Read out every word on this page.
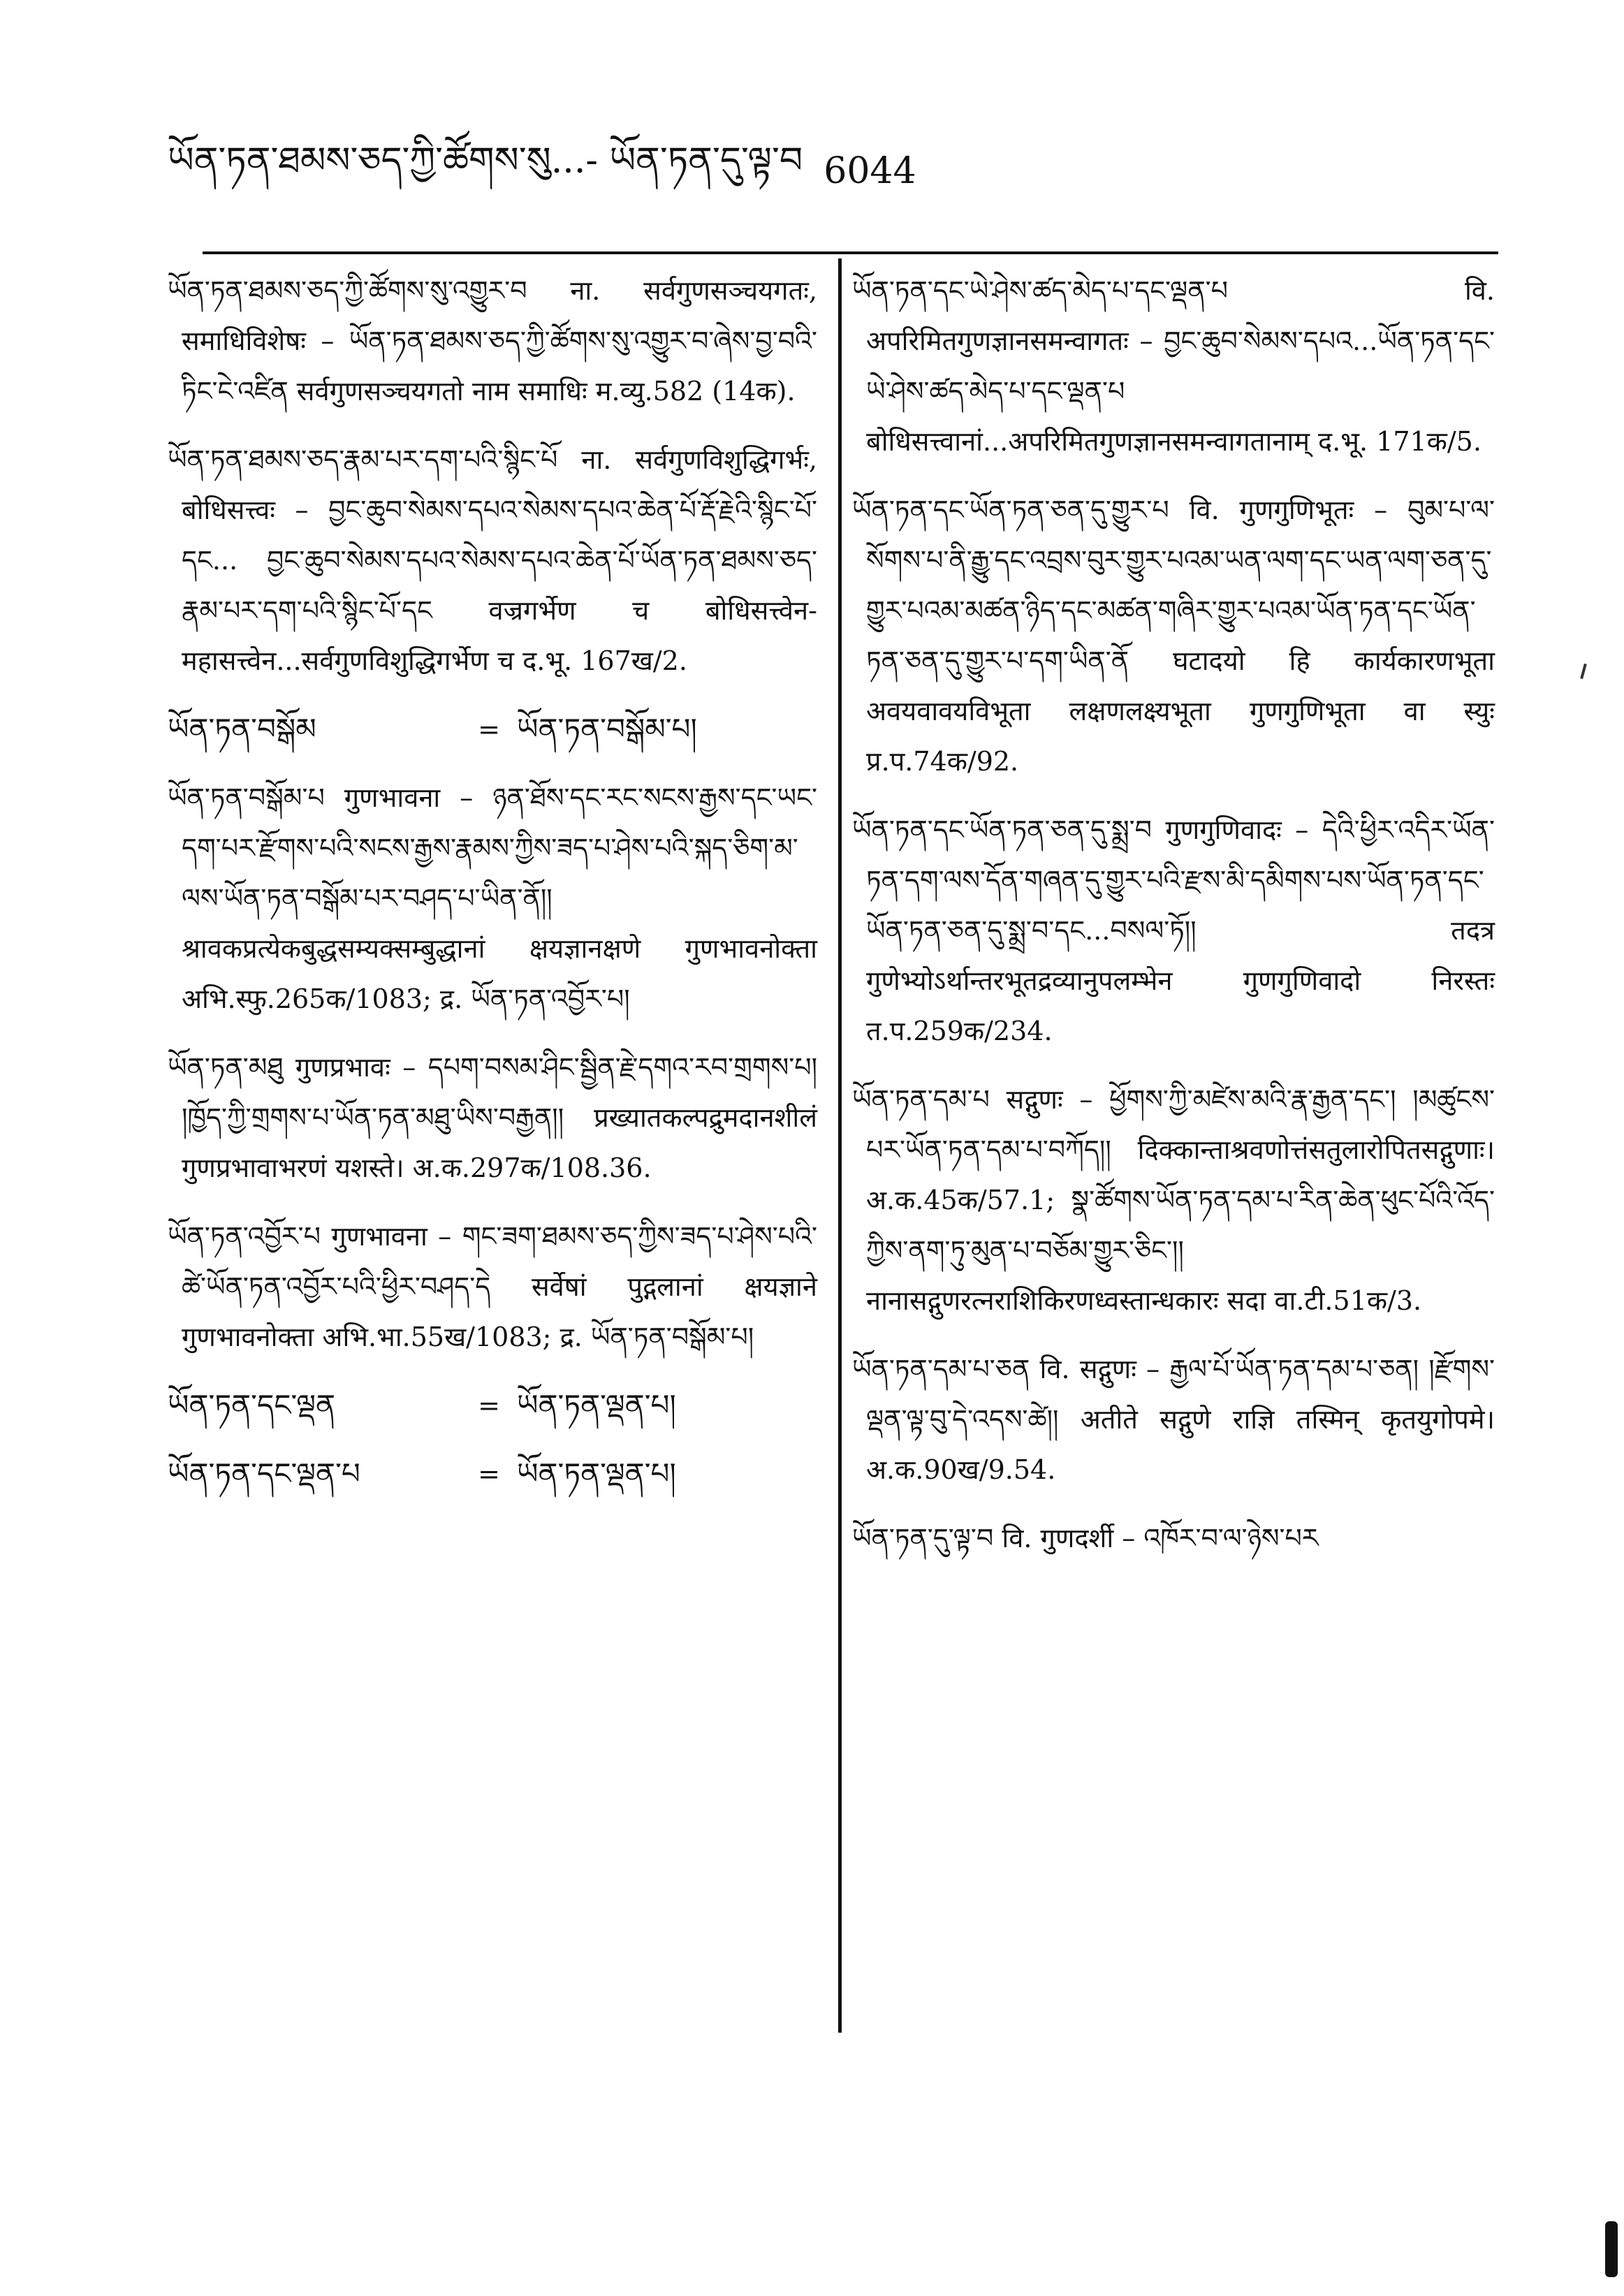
ཡོན་ཏན་ཐམས་ཅད་ཀྱི་ཚོགས་སུ...- ཡོན་ཏན་དུ་ལྟ་བ 6044
ཡོན་ཏན་ཐམས་ཅད་ཀྱི་ཚོགས་སུ་འགྱུར་བ ना. सर्वगुणसञ्चयगतः, समाधिविशेषः – ཡོན་ཏན་ཐམས་ཅད་ཀྱི་ཚོགས་སུ་འགྱུར་བ་ཞེས་བྱ་བའི་ཏིང་ངེ་འཛིན सर्वगुणसञ्चयगतो नाम समाधिः म.व्यु.582 (14क).
ཡོན་ཏན་ཐམས་ཅད་རྣམ་པར་དག་པའི་སྙིང་པོ ना. सर्वगुणविशुद्धिगर्भः, बोधिसत्त्वः – བྱང་ཆུབ་སེམས་དཔའ་སེམས་དཔའ་ཆེན་པོ་རྡོ་རྗེའི་སྙིང་པོ་དང... བྱང་ཆུབ་སེམས་དཔའ་སེམས་དཔའ་ཆེན་པོ་ཡོན་ཏན་ཐམས་ཅད་རྣམ་པར་དག་པའི་སྙིང་པོ་དང वज्रगर्भेण च बोधिसत्त्वेन-महासत्त्वेन...सर्वगुणविशुद्धिगर्भेण च द.भू. 167ख/2.
ཡོན་ཏན་བསྒོམ	= ཡོན་ཏན་བསྒོམ་པ།
ཡོན་ཏན་བསྒོམ་པ गुणभावना – ཉན་ཐོས་དང་རང་སངས་རྒྱས་དང་ཡང་དག་པར་རྫོགས་པའི་སངས་རྒྱས་རྣམས་ཀྱིས་ཟད་པ་ཤེས་པའི་སྐད་ཅིག་མ་ལས་ཡོན་ཏན་བསྒོམ་པར་བཤད་པ་ཡིན་ནོ།། श्रावकप्रत्येकबुद्धसम्यक्सम्बुद्धानां क्षयज्ञानक्षणे गुणभावनोक्ता अभि.स्फु.265क/1083; द्र. ཡོན་ཏན་འབྱོར་པ།
ཡོན་ཏན་མཐུ गुणप्रभावः – དཔག་བསམ་ཤིང་སྦྱིན་རྗེ་དགའ་རབ་གྲགས་པ། །ཁྱོད་ཀྱི་གྲགས་པ་ཡོན་ཏན་མཐུ་ཡིས་བརྒྱན།། प्रख्यातकल्पद्रुमदानशीलं गुणप्रभावाभरणं यशस्ते। अ.क.297क/108.36.
ཡོན་ཏན་འབྱོར་པ गुणभावना – གང་ཟག་ཐམས་ཅད་ཀྱིས་ཟད་པ་ཤེས་པའི་ཚེ་ཡོན་ཏན་འབྱོར་པའི་ཕྱིར་བཤད་དེ सर्वेषां पुद्गलानां क्षयज्ञाने गुणभावनोक्ता अभि.भा.55ख/1083; द्र. ཡོན་ཏན་བསྒོམ་པ།
ཡོན་ཏན་དང་ལྡན	= ཡོན་ཏན་ལྡན་པ།
ཡོན་ཏན་དང་ལྡན་པ	= ཡོན་ཏན་ལྡན་པ།
ཡོན་ཏན་དང་ཡེ་ཤེས་ཚད་མེད་པ་དང་ལྡན་པ वि. अपरिमितगुणज्ञानसमन्वागतः – བྱང་ཆུབ་སེམས་དཔའ...ཡོན་ཏན་དང་ཡེ་ཤེས་ཚད་མེད་པ་དང་ལྡན་པ बोधिसत्त्वानां...अपरिमितगुणज्ञानसमन्वागतानाम् द.भू. 171क/5.
ཡོན་ཏན་དང་ཡོན་ཏན་ཅན་དུ་གྱུར་པ वि. गुणगुणिभूतः – བུམ་པ་ལ་སོགས་པ་ནི་རྒྱུ་དང་འབྲས་བུར་གྱུར་པའམ་ཡན་ལག་དང་ཡན་ལག་ཅན་དུ་གྱུར་པའམ་མཚན་ཉིད་དང་མཚན་གཞིར་གྱུར་པའམ་ཡོན་ཏན་དང་ཡོན་ཏན་ཅན་དུ་གྱུར་པ་དག་ཡིན་ནོ घटादयो हि कार्यकारणभूता अवयवावयविभूता लक्षणलक्ष्यभूता गुणगुणिभूता वा स्युः प्र.प.74क/92.
ཡོན་ཏན་དང་ཡོན་ཏན་ཅན་དུ་སྨྲ་བ गुणगुणिवादः – དེའི་ཕྱིར་འདིར་ཡོན་ཏན་དག་ལས་དོན་གཞན་དུ་གྱུར་པའི་རྫས་མི་དམིགས་པས་ཡོན་ཏན་དང་ཡོན་ཏན་ཅན་དུ་སྨྲ་བ་དང...བསལ་ཏོ།། तदत्र गुणेभ्योऽर्थान्तरभूतद्रव्यानुपलम्भेन गुणगुणिवादो निरस्तः त.प.259क/234.
ཡོན་ཏན་དམ་པ सद्गुणः – ཕྱོགས་ཀྱི་མཛེས་མའི་རྣ་རྒྱན་དང་། །མཚུངས་པར་ཡོན་ཏན་དམ་པ་བཀོད།། दिक्कान्ताश्रवणोत्तंसतुलारोपितसद्गुणाः। अ.क.45क/57.1; སྣ་ཚོགས་ཡོན་ཏན་དམ་པ་རིན་ཆེན་ཕུང་པོའི་འོད་ཀྱིས་ནག་ཏུ་མུན་པ་བཅོམ་གྱུར་ཅིང་།། नानासद्गुणरत्नराशिकिरणध्वस्तान्धकारः सदा वा.टी.51क/3.
ཡོན་ཏན་དམ་པ་ཅན वि. सद्गुणः – རྒྱལ་པོ་ཡོན་ཏན་དམ་པ་ཅན། །རྫོགས་ལྡན་ལྟ་བུ་དེ་འདས་ཚེ།། अतीते सद्गुणे राज्ञि तस्मिन् कृतयुगोपमे। अ.क.90ख/9.54.
ཡོན་ཏན་དུ་ལྟ་བ वि. गुणदर्शी – འཁོར་བ་ལ་ཉེས་པར
